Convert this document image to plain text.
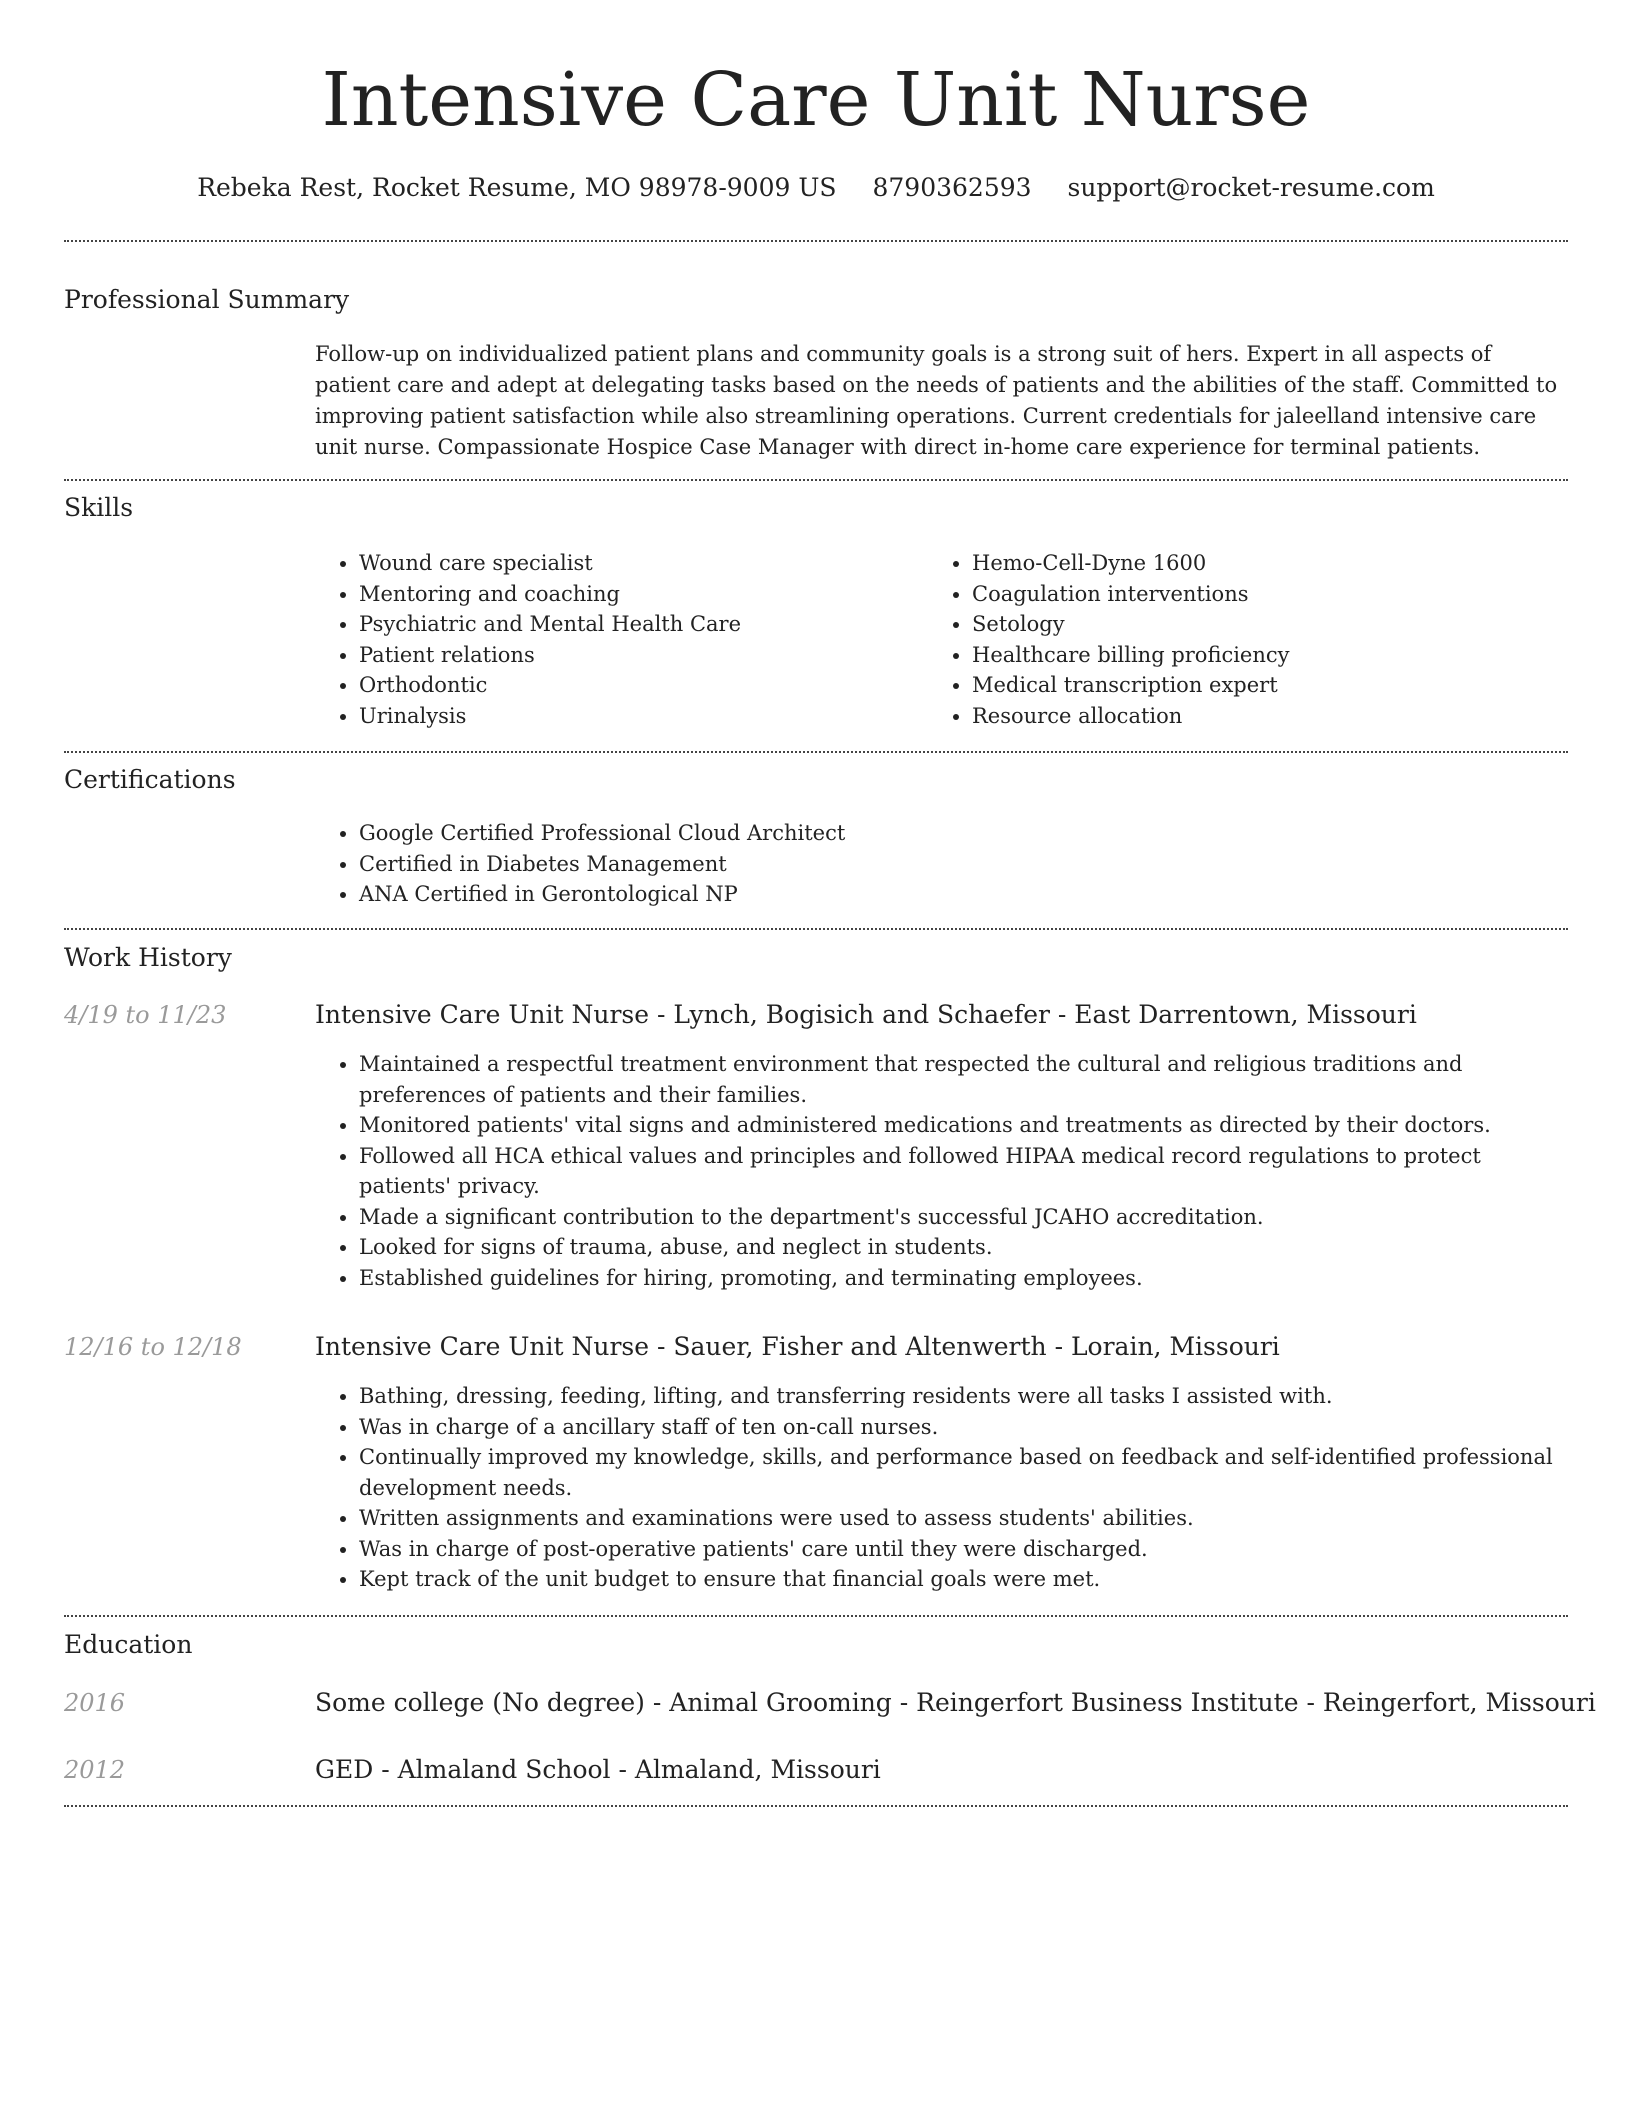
Intensive Care Unit Nurse
Rebeka Rest, Rocket Resume, MO 98978-9009 US 8790362593 support@rocket-resume.com
Professional Summary
Follow-up on individualized patient plans and community goals is a strong suit of hers. Expert in all aspects of patient care and adept at delegating tasks based on the needs of patients and the abilities of the staff. Committed to improving patient satisfaction while also streamlining operations. Current credentials for jaleelland intensive care unit nurse. Compassionate Hospice Case Manager with direct in-home care experience for terminal patients.
Skills
• Wound care specialist
• Mentoring and coaching
• Psychiatric and Mental Health Care
• Patient relations
• Orthodontic
• Urinalysis
• Hemo-Cell-Dyne 1600
• Coagulation interventions
• Setology
• Healthcare billing proficiency
• Medical transcription expert
• Resource allocation
Certifications
• Google Certified Professional Cloud Architect
• Certified in Diabetes Management
• ANA Certified in Gerontological NP
Work History
4/19 to 11/23	Intensive Care Unit Nurse - Lynch, Bogisich and Schaefer - East Darrentown, Missouri
• Maintained a respectful treatment environment that respected the cultural and religious traditions and preferences of patients and their families.
• Monitored patients' vital signs and administered medications and treatments as directed by their doctors.
• Followed all HCA ethical values and principles and followed HIPAA medical record regulations to protect patients' privacy.
• Made a significant contribution to the department's successful JCAHO accreditation.
• Looked for signs of trauma, abuse, and neglect in students.
• Established guidelines for hiring, promoting, and terminating employees.
12/16 to 12/18	Intensive Care Unit Nurse - Sauer, Fisher and Altenwerth - Lorain, Missouri
• Bathing, dressing, feeding, lifting, and transferring residents were all tasks I assisted with.
• Was in charge of a ancillary staff of ten on-call nurses.
• Continually improved my knowledge, skills, and performance based on feedback and self-identified professional development needs.
• Written assignments and examinations were used to assess students' abilities.
• Was in charge of post-operative patients' care until they were discharged.
• Kept track of the unit budget to ensure that financial goals were met.
Education
2016	Some college (No degree) - Animal Grooming - Reingerfort Business Institute - Reingerfort, Missouri
2012	GED - Almaland School - Almaland, Missouri
